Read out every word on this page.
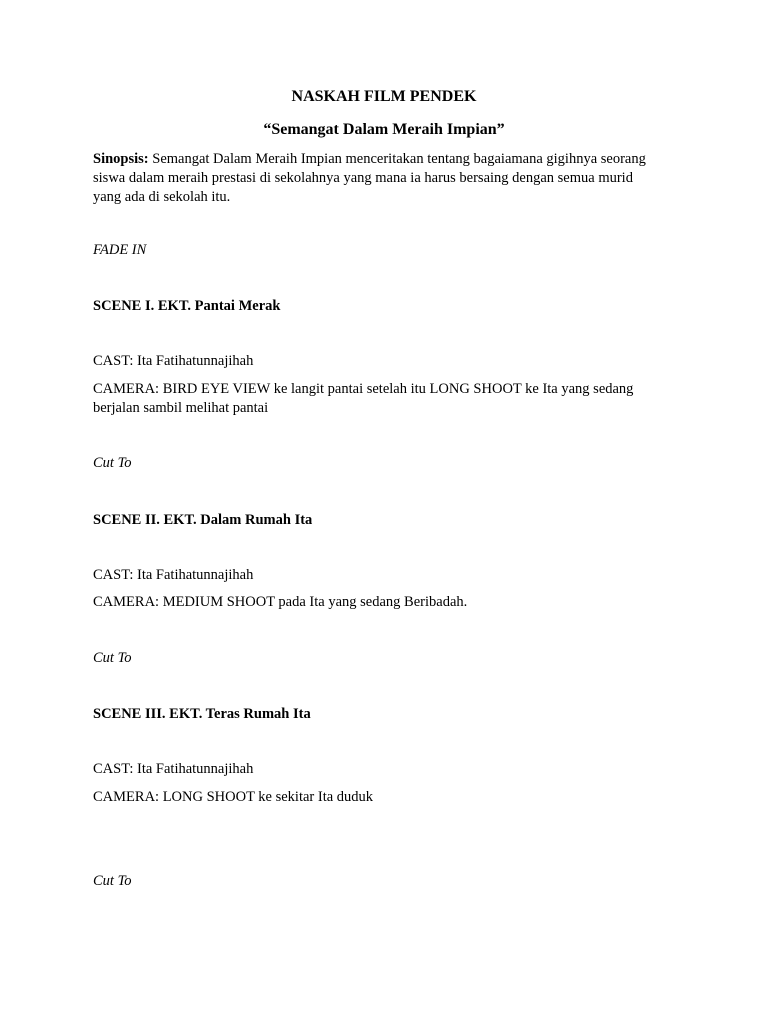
NASKAH FILM PENDEK
“Semangat Dalam Meraih Impian”
Sinopsis: Semangat Dalam Meraih Impian menceritakan tentang bagaiamana gigihnya seorang
siswa dalam meraih prestasi di sekolahnya yang mana ia harus bersaing dengan semua murid
yang ada di sekolah itu.
FADE IN
SCENE I. EKT. Pantai Merak
CAST: Ita Fatihatunnajihah
CAMERA: BIRD EYE VIEW ke langit pantai setelah itu LONG SHOOT ke Ita yang sedang
berjalan sambil melihat pantai
Cut To
SCENE II. EKT. Dalam Rumah Ita
CAST: Ita Fatihatunnajihah
CAMERA: MEDIUM SHOOT pada Ita yang sedang Beribadah.
Cut To
SCENE III. EKT. Teras Rumah Ita
CAST: Ita Fatihatunnajihah
CAMERA: LONG SHOOT ke sekitar Ita duduk
Cut To
